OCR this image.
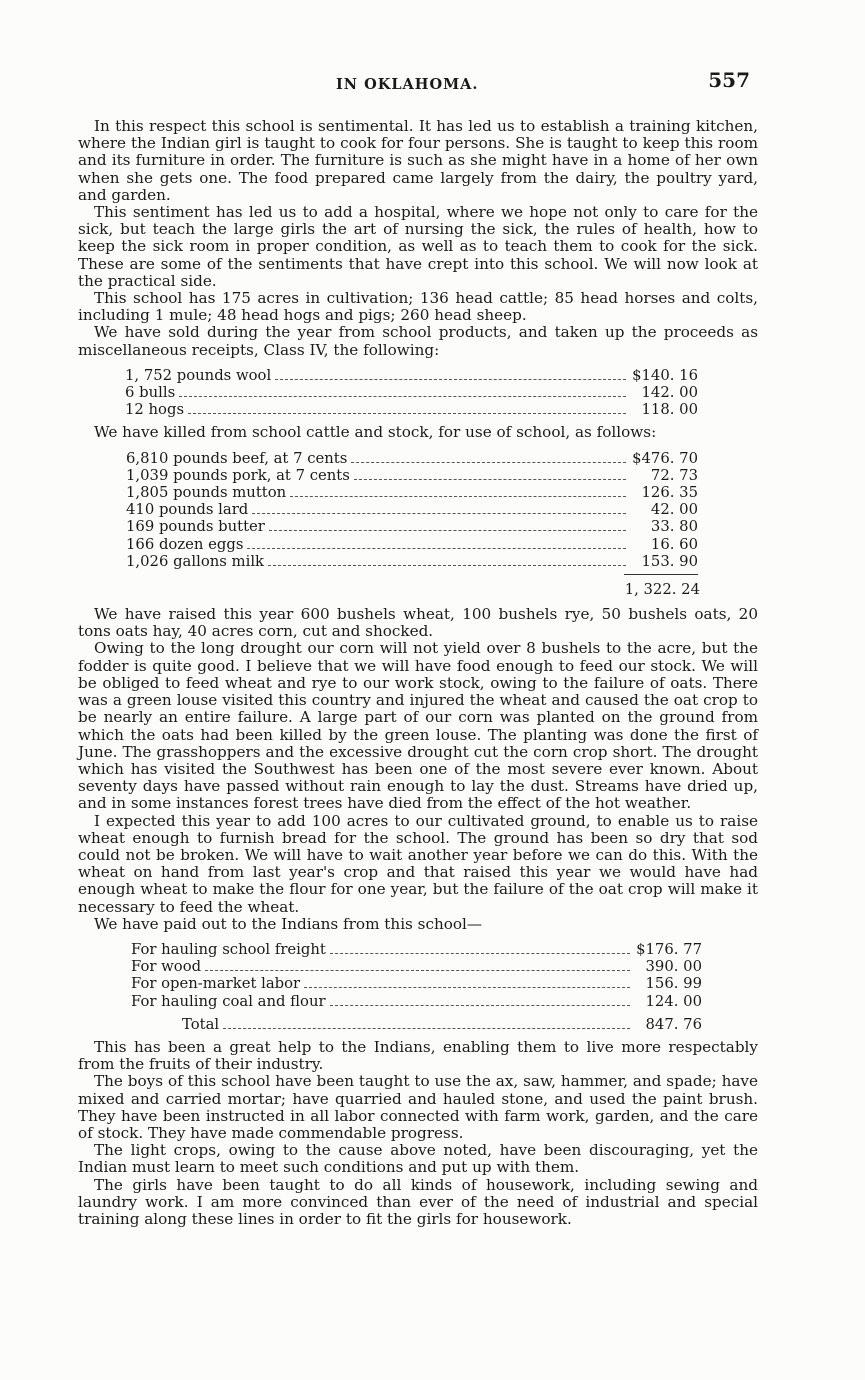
IN OKLAHOMA.	557

In this respect this school is sentimental. It has led us to establish a training kitchen, where the Indian girl is taught to cook for four persons. She is taught to keep this room and its furniture in order. The furniture is such as she might have in a home of her own when she gets one. The food prepared came largely from the dairy, the poultry yard, and garden.

This sentiment has led us to add a hospital, where we hope not only to care for the sick, but teach the large girls the art of nursing the sick, the rules of health, how to keep the sick room in proper condition, as well as to teach them to cook for the sick. These are some of the sentiments that have crept into this school. We will now look at the practical side.

This school has 175 acres in cultivation; 136 head cattle; 85 head horses and colts, including 1 mule; 48 head hogs and pigs; 260 head sheep.

We have sold during the year from school products, and taken up the proceeds as miscellaneous receipts, Class IV, the following:

1, 752 pounds wool	$140. 16
6 bulls	142. 00
12 hogs	118. 00

We have killed from school cattle and stock, for use of school, as follows:

6,810 pounds beef, at 7 cents	$476. 70
1,039 pounds pork, at 7 cents	72. 73
1,805 pounds mutton	126. 35
410 pounds lard	42. 00
169 pounds butter	33. 80
166 dozen eggs	16. 60
1,026 gallons milk	153. 90
1, 322. 24

We have raised this year 600 bushels wheat, 100 bushels rye, 50 bushels oats, 20 tons oats hay, 40 acres corn, cut and shocked.

Owing to the long drought our corn will not yield over 8 bushels to the acre, but the fodder is quite good. I believe that we will have food enough to feed our stock. We will be obliged to feed wheat and rye to our work stock, owing to the failure of oats. There was a green louse visited this country and injured the wheat and caused the oat crop to be nearly an entire failure. A large part of our corn was planted on the ground from which the oats had been killed by the green louse. The planting was done the first of June. The grasshoppers and the excessive drought cut the corn crop short. The drought which has visited the Southwest has been one of the most severe ever known. About seventy days have passed without rain enough to lay the dust. Streams have dried up, and in some instances forest trees have died from the effect of the hot weather.

I expected this year to add 100 acres to our cultivated ground, to enable us to raise wheat enough to furnish bread for the school. The ground has been so dry that sod could not be broken. We will have to wait another year before we can do this. With the wheat on hand from last year's crop and that raised this year we would have had enough wheat to make the flour for one year, but the failure of the oat crop will make it necessary to feed the wheat.

We have paid out to the Indians from this school—

For hauling school freight	$176. 77
For wood	390. 00
For open-market labor	156. 99
For hauling coal and flour	124. 00
Total	847. 76

This has been a great help to the Indians, enabling them to live more respectably from the fruits of their industry.

The boys of this school have been taught to use the ax, saw, hammer, and spade; have mixed and carried mortar; have quarried and hauled stone, and used the paint brush. They have been instructed in all labor connected with farm work, garden, and the care of stock. They have made commendable progress.

The light crops, owing to the cause above noted, have been discouraging, yet the Indian must learn to meet such conditions and put up with them.

The girls have been taught to do all kinds of housework, including sewing and laundry work. I am more convinced than ever of the need of industrial and special training along these lines in order to fit the girls for housework.
